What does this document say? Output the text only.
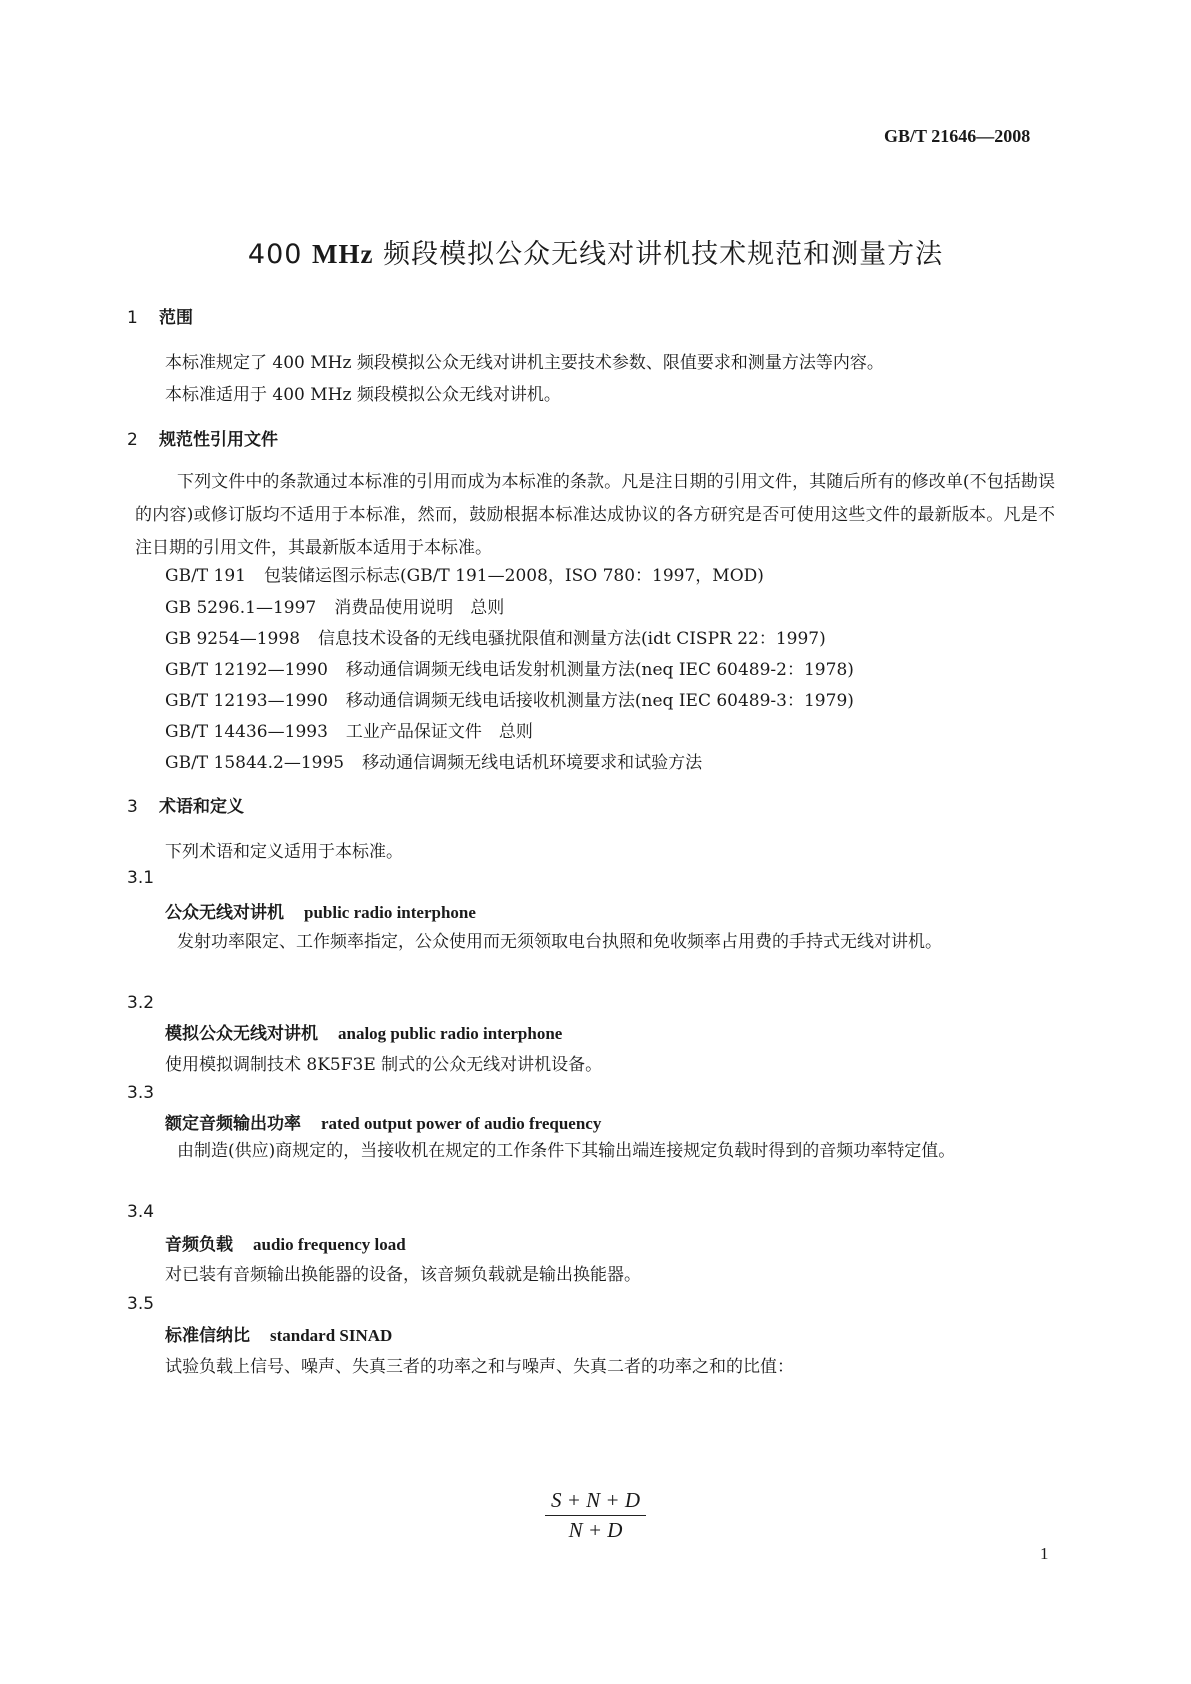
GB/T 21646—2008
400 MHz 频段模拟公众无线对讲机技术规范和测量方法
1 范围
本标准规定了 400 MHz 频段模拟公众无线对讲机主要技术参数、限值要求和测量方法等内容。
本标准适用于 400 MHz 频段模拟公众无线对讲机。
2 规范性引用文件
下列文件中的条款通过本标准的引用而成为本标准的条款。凡是注日期的引用文件，其随后所有的修改单(不包括勘误的内容)或修订版均不适用于本标准，然而，鼓励根据本标准达成协议的各方研究是否可使用这些文件的最新版本。凡是不注日期的引用文件，其最新版本适用于本标准。
GB/T 191 包装储运图示标志(GB/T 191—2008，ISO 780：1997，MOD)
GB 5296.1—1997 消费品使用说明　总则
GB 9254—1998 信息技术设备的无线电骚扰限值和测量方法(idt CISPR 22：1997)
GB/T 12192—1990 移动通信调频无线电话发射机测量方法(neq IEC 60489-2：1978)
GB/T 12193—1990 移动通信调频无线电话接收机测量方法(neq IEC 60489-3：1979)
GB/T 14436—1993 工业产品保证文件　总则
GB/T 15844.2—1995 移动通信调频无线电话机环境要求和试验方法
3 术语和定义
下列术语和定义适用于本标准。
3.1
公众无线对讲机 public radio interphone
发射功率限定、工作频率指定，公众使用而无须领取电台执照和免收频率占用费的手持式无线对讲机。
3.2
模拟公众无线对讲机 analog public radio interphone
使用模拟调制技术 8K5F3E 制式的公众无线对讲机设备。
3.3
额定音频输出功率 rated output power of audio frequency
由制造(供应)商规定的，当接收机在规定的工作条件下其输出端连接规定负载时得到的音频功率特定值。
3.4
音频负载 audio frequency load
对已装有音频输出换能器的设备，该音频负载就是输出换能器。
3.5
标准信纳比 standard SINAD
试验负载上信号、噪声、失真三者的功率之和与噪声、失真二者的功率之和的比值：
$\frac{S + N + D}{N + D}$
1
